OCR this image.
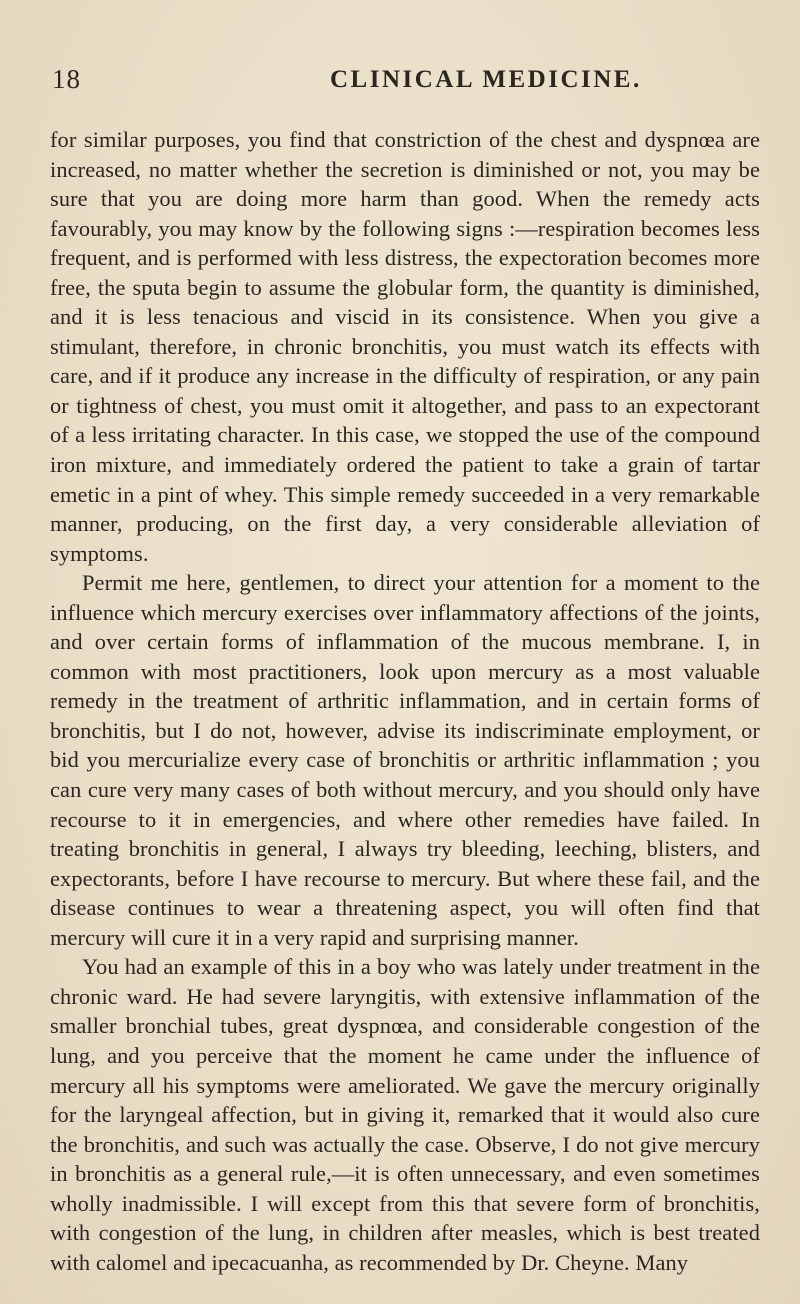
18	CLINICAL MEDICINE.

for similar purposes, you find that constriction of the chest and dyspnœa are increased, no matter whether the secretion is diminished or not, you may be sure that you are doing more harm than good. When the remedy acts favourably, you may know by the following signs :—respiration becomes less frequent, and is performed with less distress, the expectoration becomes more free, the sputa begin to assume the globular form, the quantity is diminished, and it is less tenacious and viscid in its consistence. When you give a stimulant, therefore, in chronic bronchitis, you must watch its effects with care, and if it produce any increase in the difficulty of respiration, or any pain or tightness of chest, you must omit it altogether, and pass to an expectorant of a less irritating character. In this case, we stopped the use of the compound iron mixture, and immediately ordered the patient to take a grain of tartar emetic in a pint of whey. This simple remedy succeeded in a very remarkable manner, producing, on the first day, a very considerable alleviation of symptoms.

Permit me here, gentlemen, to direct your attention for a moment to the influence which mercury exercises over inflammatory affections of the joints, and over certain forms of inflammation of the mucous membrane. I, in common with most practitioners, look upon mercury as a most valuable remedy in the treatment of arthritic inflammation, and in certain forms of bronchitis, but I do not, however, advise its indiscriminate employment, or bid you mercurialize every case of bronchitis or arthritic inflammation ; you can cure very many cases of both without mercury, and you should only have recourse to it in emergencies, and where other remedies have failed. In treating bronchitis in general, I always try bleeding, leeching, blisters, and expectorants, before I have recourse to mercury. But where these fail, and the disease continues to wear a threatening aspect, you will often find that mercury will cure it in a very rapid and surprising manner.

You had an example of this in a boy who was lately under treatment in the chronic ward. He had severe laryngitis, with extensive inflammation of the smaller bronchial tubes, great dyspnœa, and considerable congestion of the lung, and you perceive that the moment he came under the influence of mercury all his symptoms were ameliorated. We gave the mercury originally for the laryngeal affection, but in giving it, remarked that it would also cure the bronchitis, and such was actually the case. Observe, I do not give mercury in bronchitis as a general rule,—it is often unnecessary, and even sometimes wholly inadmissible. I will except from this that severe form of bronchitis, with congestion of the lung, in children after measles, which is best treated with calomel and ipecacuanha, as recommended by Dr. Cheyne. Many
